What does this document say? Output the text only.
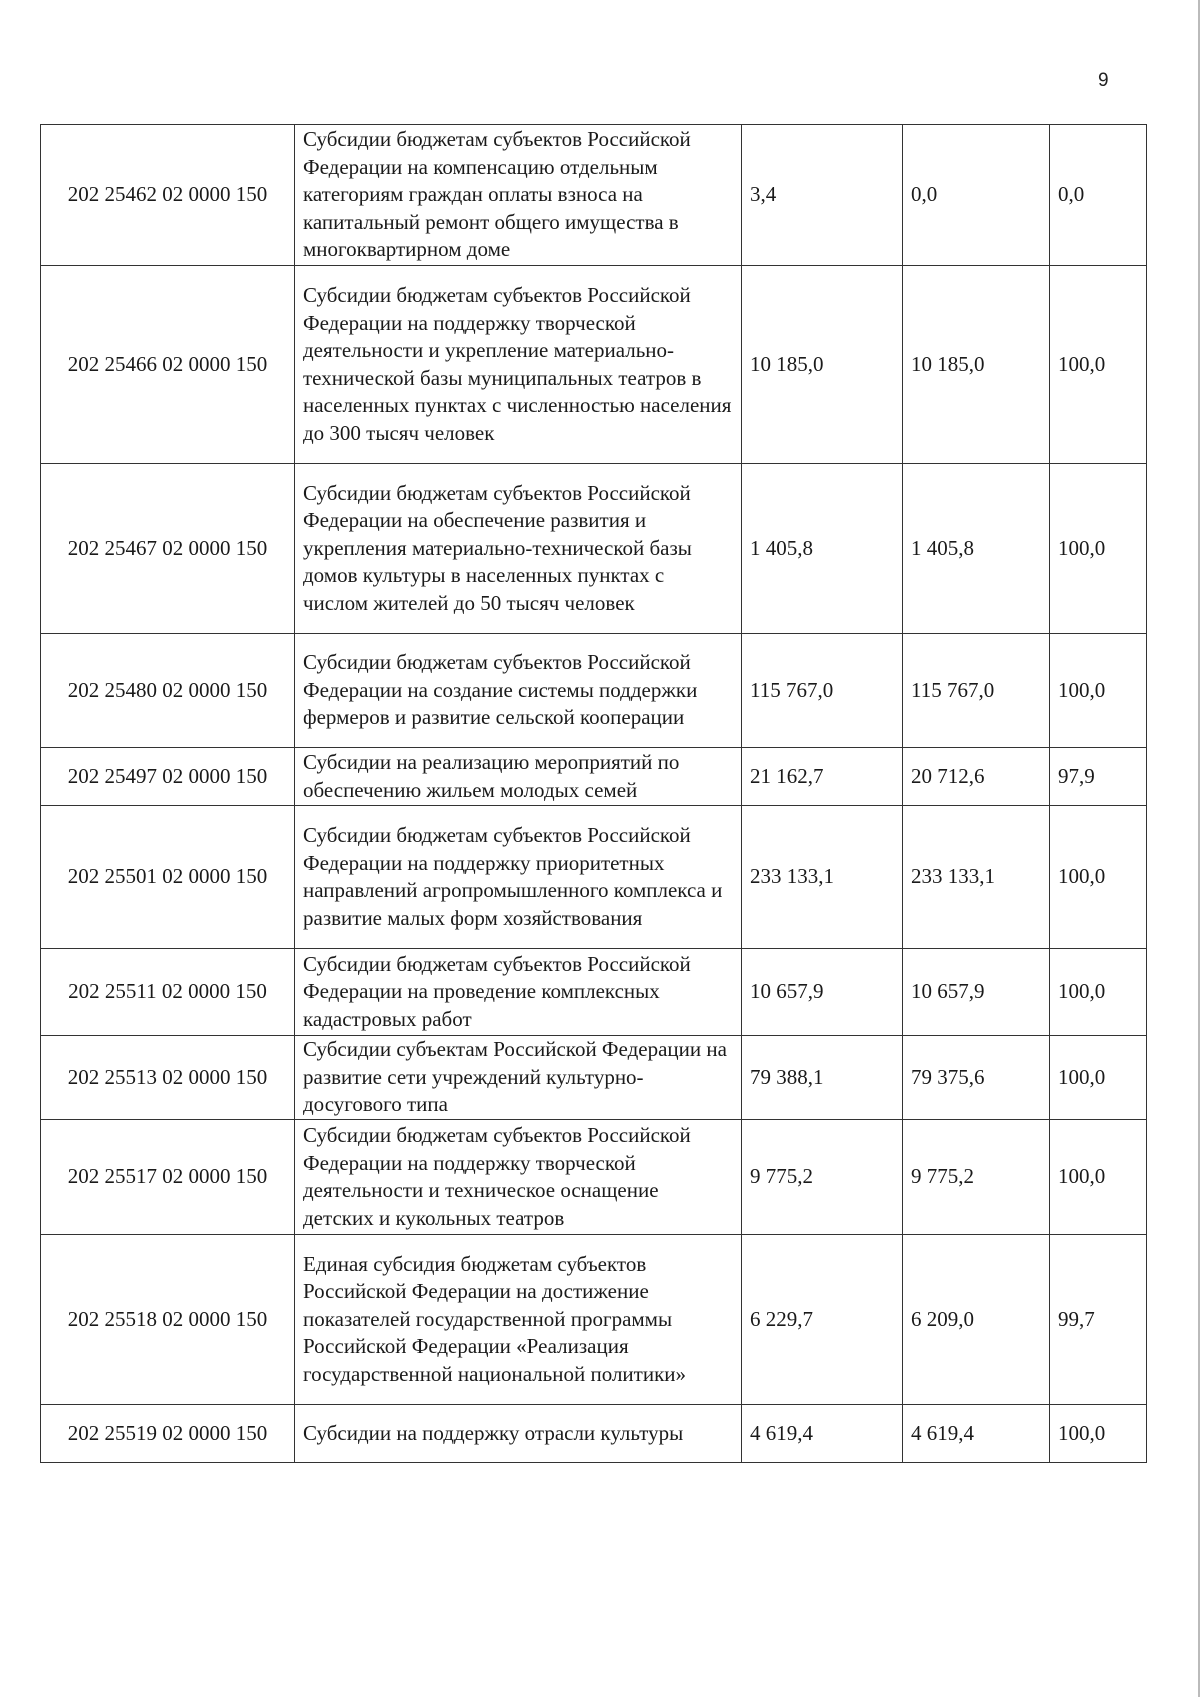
9
202 25462 02 0000 150	Субсидии бюджетам субъектов Российской Федерации на компенсацию отдельным категориям граждан оплаты взноса на капитальный ремонт общего имущества в многоквартирном доме	3,4	0,0	0,0
202 25466 02 0000 150	Субсидии бюджетам субъектов Российской Федерации на поддержку творческой деятельности и укрепление материально-технической базы муниципальных театров в населенных пунктах с численностью населения до 300 тысяч человек	10 185,0	10 185,0	100,0
202 25467 02 0000 150	Субсидии бюджетам субъектов Российской Федерации на обеспечение развития и укрепления материально-технической базы домов культуры в населенных пунктах с числом жителей до 50 тысяч человек	1 405,8	1 405,8	100,0
202 25480 02 0000 150	Субсидии бюджетам субъектов Российской Федерации на создание системы поддержки фермеров и развитие сельской кооперации	115 767,0	115 767,0	100,0
202 25497 02 0000 150	Субсидии на реализацию мероприятий по обеспечению жильем молодых семей	21 162,7	20 712,6	97,9
202 25501 02 0000 150	Субсидии бюджетам субъектов Российской Федерации на поддержку приоритетных направлений агропромышленного комплекса и развитие малых форм хозяйствования	233 133,1	233 133,1	100,0
202 25511 02 0000 150	Субсидии бюджетам субъектов Российской Федерации на проведение комплексных кадастровых работ	10 657,9	10 657,9	100,0
202 25513 02 0000 150	Субсидии субъектам Российской Федерации на развитие сети учреждений культурно-досугового типа	79 388,1	79 375,6	100,0
202 25517 02 0000 150	Субсидии бюджетам субъектов Российской Федерации на поддержку творческой деятельности и техническое оснащение детских и кукольных театров	9 775,2	9 775,2	100,0
202 25518 02 0000 150	Единая субсидия бюджетам субъектов Российской Федерации на достижение показателей государственной программы Российской Федерации «Реализация государственной национальной политики»	6 229,7	6 209,0	99,7
202 25519 02 0000 150	Субсидии на поддержку отрасли культуры	4 619,4	4 619,4	100,0
